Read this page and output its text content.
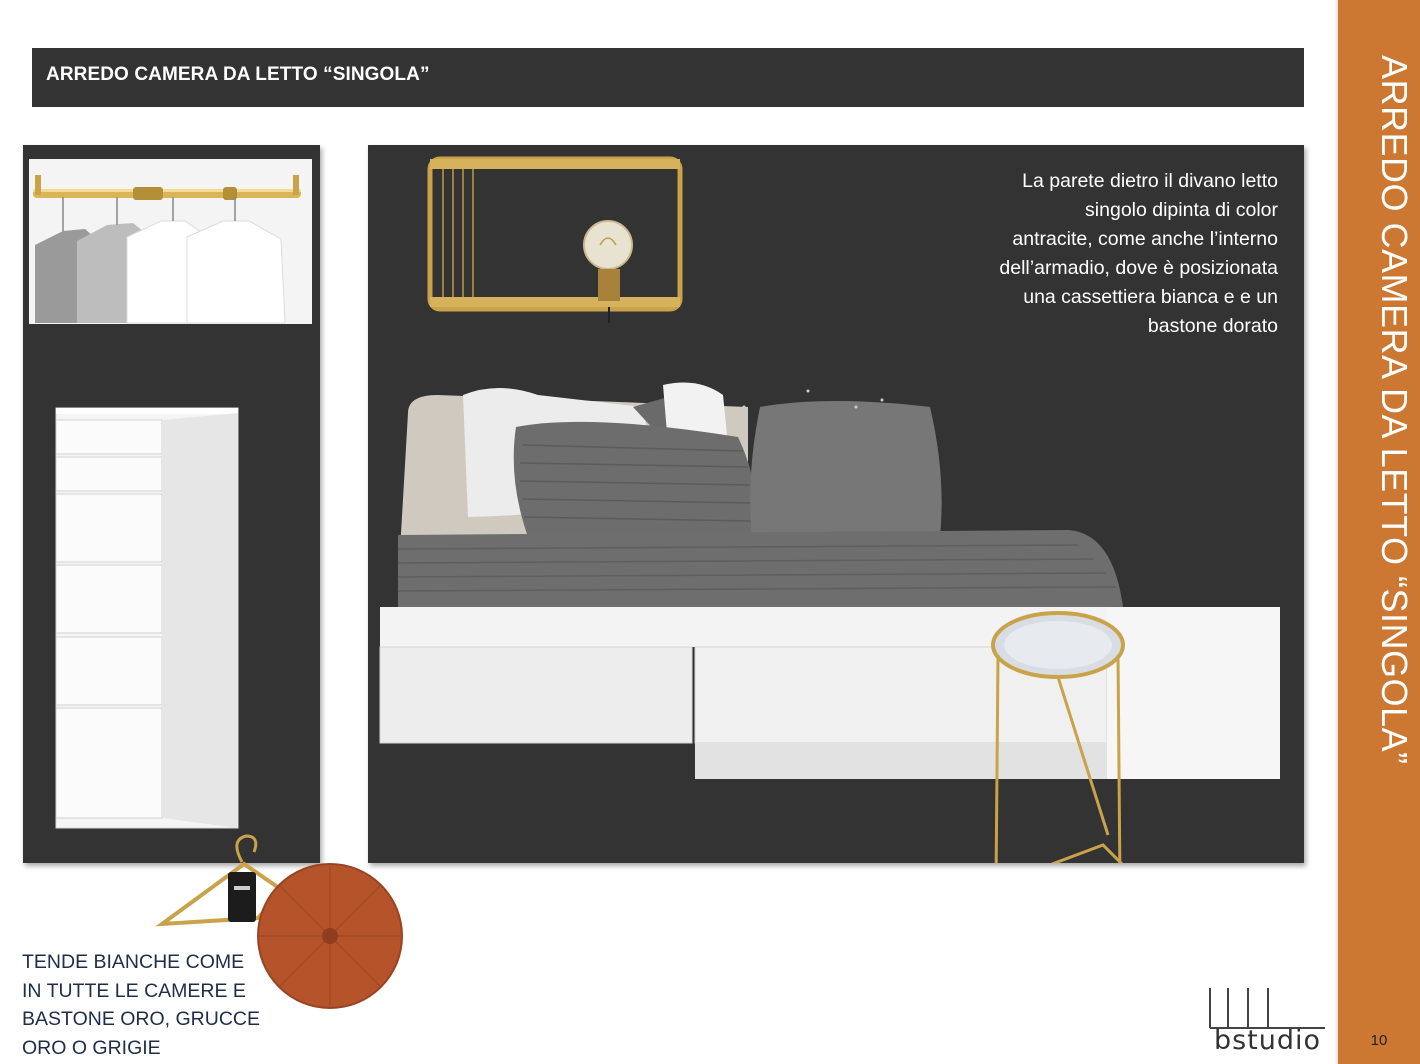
ARREDO CAMERA DA LETTO “SINGOLA”	ARREDO CAMERA DA LETTO “SINGOLA”
10
La parete dietro il divano letto
singolo dipinta di color
antracite, come anche l’interno
dell’armadio, dove è posizionata
una cassettiera bianca e e un
bastone dorato
TENDE BIANCHE COME
IN TUTTE LE CAMERE E
BASTONE ORO, GRUCCE
ORO O GRIGIE	bstudio
